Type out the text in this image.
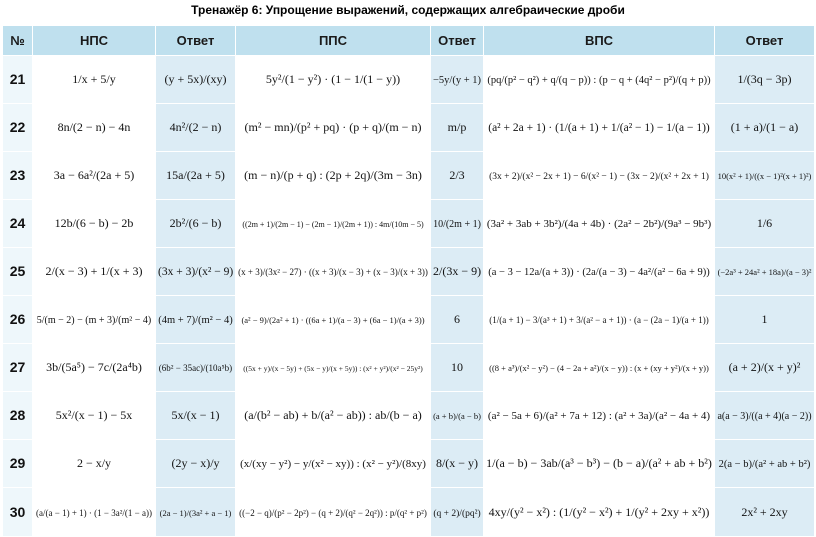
Тренажёр 6: Упрощение выражений, содержащих алгебраические дроби
№	НПС	Ответ	ППС	Ответ	ВПС	Ответ
21	1/x + 5/y	(y + 5x)/(xy)	5y²/(1 − y²) · (1 − 1/(1 − y))	−5y/(y + 1)	(pq/(p² − q²) + q/(q − p)) : (p − q + (4q² − p²)/(q + p))	1/(3q − 3p)
22	8n/(2 − n) − 4n	4n²/(2 − n)	(m² − mn)/(p² + pq) · (p + q)/(m − n)	m/p	(a² + 2a + 1) · (1/(a + 1) + 1/(a² − 1) − 1/(a − 1))	(1 + a)/(1 − a)
23	3a − 6a²/(2a + 5)	15a/(2a + 5)	(m − n)/(p + q) : (2p + 2q)/(3m − 3n)	2/3	(3x + 2)/(x² − 2x + 1) − 6/(x² − 1) − (3x − 2)/(x² + 2x + 1)	10(x² + 1)/((x − 1)²(x + 1)²)
24	12b/(6 − b) − 2b	2b²/(6 − b)	((2m + 1)/(2m − 1) − (2m − 1)/(2m + 1)) : 4m/(10m − 5)	10/(2m + 1)	(3a² + 3ab + 3b²)/(4a + 4b) · (2a² − 2b²)/(9a³ − 9b³)	1/6
25	2/(x − 3) + 1/(x + 3)	(3x + 3)/(x² − 9)	(x + 3)/(3x² − 27) · ((x + 3)/(x − 3) + (x − 3)/(x + 3))	2/(3x − 9)	(a − 3 − 12a/(a + 3)) · (2a/(a − 3) − 4a²/(a² − 6a + 9))	(−2a³ + 24a² + 18a)/(a − 3)²
26	5/(m − 2) − (m + 3)/(m² − 4)	(4m + 7)/(m² − 4)	(a² − 9)/(2a² + 1) · ((6a + 1)/(a − 3) + (6a − 1)/(a + 3))	6	(1/(a + 1) − 3/(a³ + 1) + 3/(a² − a + 1)) · (a − (2a − 1)/(a + 1))	1
27	3b/(5a⁵) − 7c/(2a⁴b)	(6b² − 35ac)/(10a⁵b)	((5x + y)/(x − 5y) + (5x − y)/(x + 5y)) : (x² + y²)/(x² − 25y²)	10	((8 + a³)/(x² − y²) − (4 − 2a + a²)/(x − y)) : (x + (xy + y²)/(x + y))	(a + 2)/(x + y)²
28	5x²/(x − 1) − 5x	5x/(x − 1)	(a/(b² − ab) + b/(a² − ab)) : ab/(b − a)	(a + b)/(a − b)	(a² − 5a + 6)/(a² + 7a + 12) : (a² + 3a)/(a² − 4a + 4)	a(a − 3)/((a + 4)(a − 2))
29	2 − x/y	(2y − x)/y	(x/(xy − y²) − y/(x² − xy)) : (x² − y²)/(8xy)	8/(x − y)	1/(a − b) − 3ab/(a³ − b³) − (b − a)/(a² + ab + b²)	2(a − b)/(a² + ab + b²)
30	(a/(a − 1) + 1) · (1 − 3a²/(1 − a))	(2a − 1)/(3a² + a − 1)	((−2 − q)/(p² − 2p²) − (q + 2)/(q² − 2q²)) : p/(q² + p²)	(q + 2)/(pq²)	4xy/(y² − x²) : (1/(y² − x²) + 1/(y² + 2xy + x²))	2x² + 2xy
